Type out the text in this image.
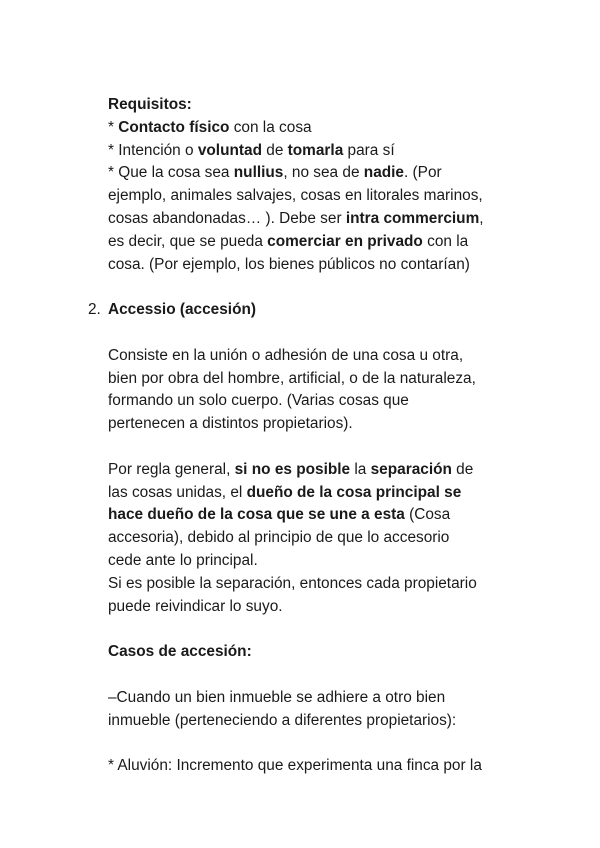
Requisitos:
* Contacto físico con la cosa
* Intención o voluntad de tomarla para sí
* Que la cosa sea nullius, no sea de nadie. (Por
ejemplo, animales salvajes, cosas en litorales marinos,
cosas abandonadas… ). Debe ser intra commercium,
es decir, que se pueda comerciar en privado con la
cosa. (Por ejemplo, los bienes públicos no contarían)
2. Accessio (accesión)
Consiste en la unión o adhesión de una cosa u otra,
bien por obra del hombre, artificial, o de la naturaleza,
formando un solo cuerpo. (Varias cosas que
pertenecen a distintos propietarios).
Por regla general, si no es posible la separación de
las cosas unidas, el dueño de la cosa principal se
hace dueño de la cosa que se une a esta (Cosa
accesoria), debido al principio de que lo accesorio
cede ante lo principal.
Si es posible la separación, entonces cada propietario
puede reivindicar lo suyo.
Casos de accesión:
–Cuando un bien inmueble se adhiere a otro bien
inmueble (perteneciendo a diferentes propietarios):
* Aluvión: Incremento que experimenta una finca por la
